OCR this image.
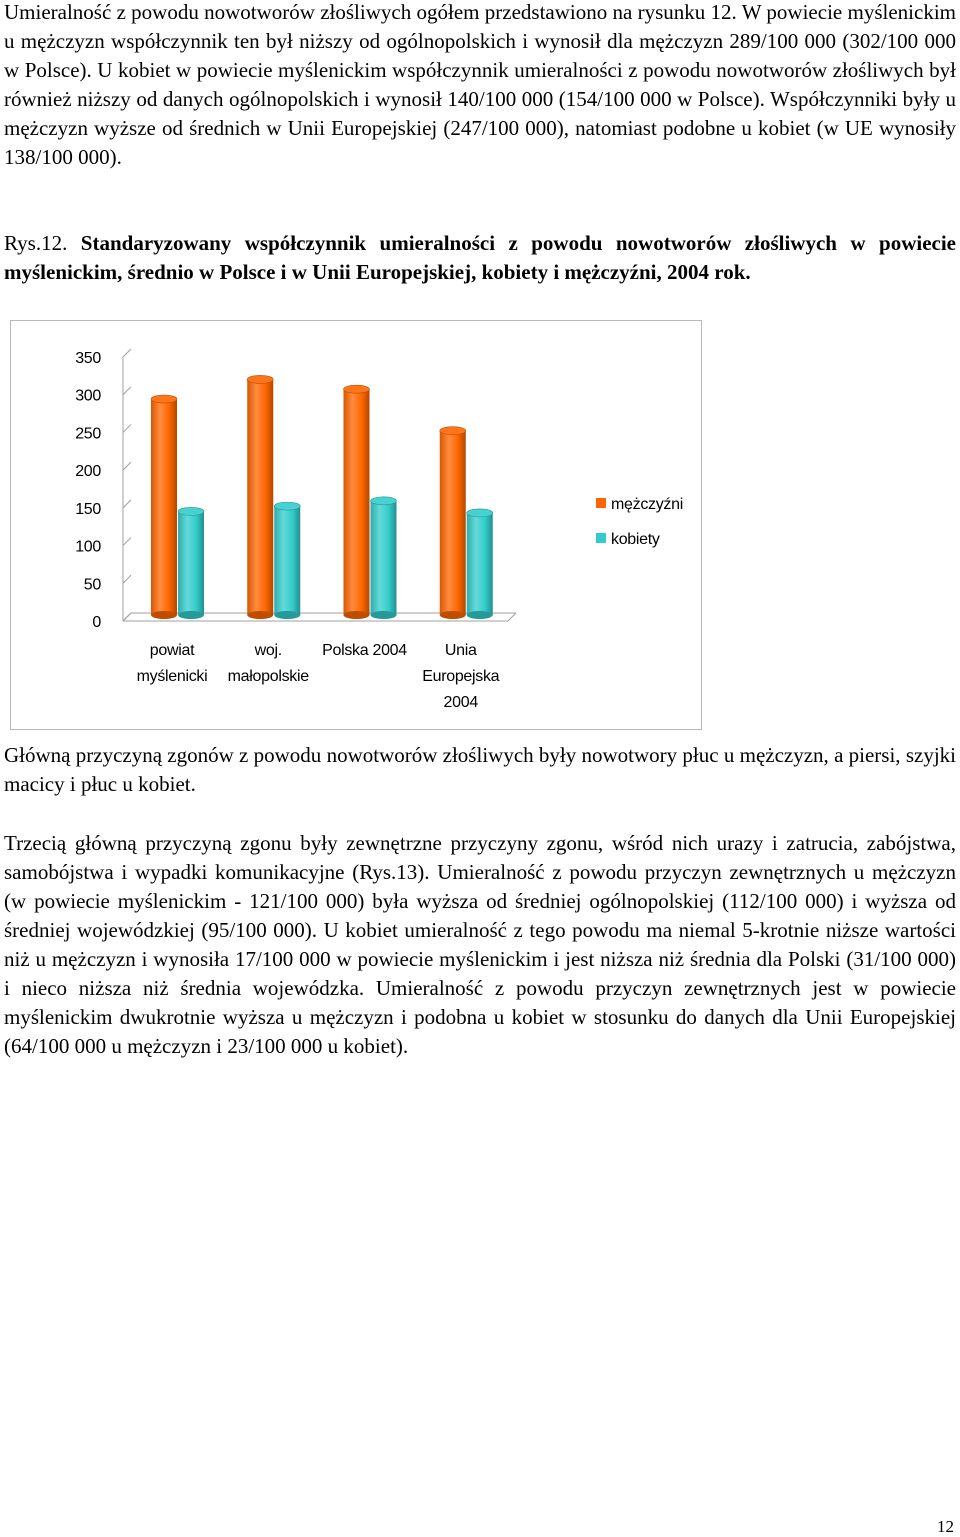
Umieralność z powodu nowotworów złośliwych ogółem przedstawiono na rysunku 12. W powiecie myślenickim u mężczyzn współczynnik ten był niższy od ogólnopolskich i wynosił dla mężczyzn 289/100 000 (302/100 000 w Polsce). U kobiet w powiecie myślenickim współczynnik umieralności z powodu nowotworów złośliwych był również niższy od danych ogólnopolskich i wynosił 140/100 000 (154/100 000 w Polsce). Współczynniki były u mężczyzn wyższe od średnich w Unii Europejskiej (247/100 000), natomiast podobne u kobiet (w UE wynosiły 138/100 000).

Rys.12. Standaryzowany współczynnik umieralności z powodu nowotworów złośliwych w powiecie myślenickim, średnio w Polsce i w Unii Europejskiej, kobiety i mężczyźni, 2004 rok.

0
50
100
150
200
250
300
350
powiat
myślenicki
woj.
małopolskie
Polska 2004 Unia
Europejska
2004
mężczyźni
kobiety

Główną przyczyną zgonów z powodu nowotworów złośliwych były nowotwory płuc u mężczyzn, a piersi, szyjki macicy i płuc u kobiet.

Trzecią główną przyczyną zgonu były zewnętrzne przyczyny zgonu, wśród nich urazy i zatrucia, zabójstwa, samobójstwa i wypadki komunikacyjne (Rys.13). Umieralność z powodu przyczyn zewnętrznych u mężczyzn (w powiecie myślenickim - 121/100 000) była wyższa od średniej ogólnopolskiej (112/100 000) i wyższa od średniej wojewódzkiej (95/100 000). U kobiet umieralność z tego powodu ma niemal 5-krotnie niższe wartości niż u mężczyzn i wynosiła 17/100 000 w powiecie myślenickim i jest niższa niż średnia dla Polski (31/100 000) i nieco niższa niż średnia wojewódzka. Umieralność z powodu przyczyn zewnętrznych jest w powiecie myślenickim dwukrotnie wyższa u mężczyzn i podobna u kobiet w stosunku do danych dla Unii Europejskiej (64/100 000 u mężczyzn i 23/100 000 u kobiet).

12
